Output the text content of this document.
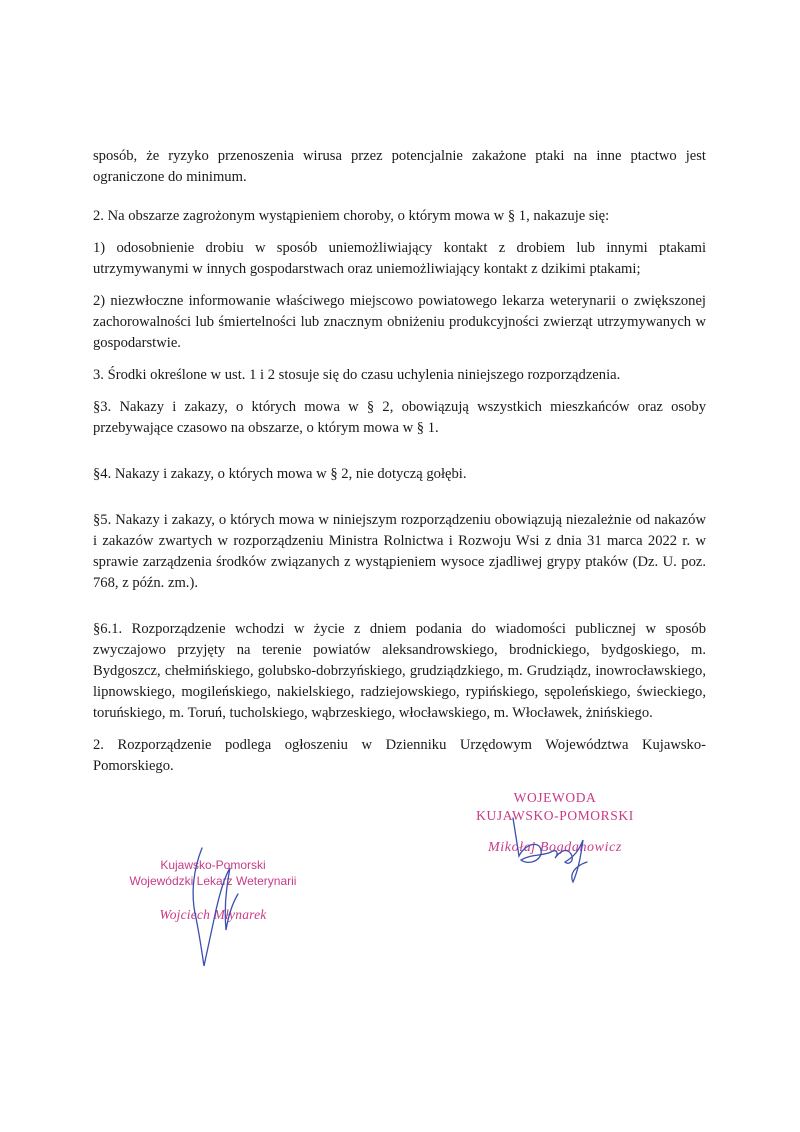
sposób, że ryzyko przenoszenia wirusa przez potencjalnie zakażone ptaki na inne ptactwo jest ograniczone do minimum.

2. Na obszarze zagrożonym wystąpieniem choroby, o którym mowa w § 1, nakazuje się:

1) odosobnienie drobiu w sposób uniemożliwiający kontakt z drobiem lub innymi ptakami utrzymywanymi w innych gospodarstwach oraz uniemożliwiający kontakt z dzikimi ptakami;

2) niezwłoczne informowanie właściwego miejscowo powiatowego lekarza weterynarii o zwiększonej zachorowalności lub śmiertelności lub znacznym obniżeniu produkcyjności zwierząt utrzymywanych w gospodarstwie.

3. Środki określone w ust. 1 i 2 stosuje się do czasu uchylenia niniejszego rozporządzenia.

§3. Nakazy i zakazy, o których mowa w § 2, obowiązują wszystkich mieszkańców oraz osoby przebywające czasowo na obszarze, o którym mowa w § 1.

§4. Nakazy i zakazy, o których mowa w § 2, nie dotyczą gołębi.

§5. Nakazy i zakazy, o których mowa w niniejszym rozporządzeniu obowiązują niezależnie od nakazów i zakazów zwartych w rozporządzeniu Ministra Rolnictwa i Rozwoju Wsi z dnia 31 marca 2022 r. w sprawie zarządzenia środków związanych z wystąpieniem wysoce zjadliwej grypy ptaków (Dz. U. poz. 768, z późn. zm.).

§6.1. Rozporządzenie wchodzi w życie z dniem podania do wiadomości publicznej w sposób zwyczajowo przyjęty na terenie powiatów aleksandrowskiego, brodnickiego, bydgoskiego, m. Bydgoszcz, chełmińskiego, golubsko-dobrzyńskiego, grudziądzkiego, m. Grudziądz, inowrocławskiego, lipnowskiego, mogileńskiego, nakielskiego, radziejowskiego, rypińskiego, sępoleńskiego, świeckiego, toruńskiego, m. Toruń, tucholskiego, wąbrzeskiego, włocławskiego, m. Włocławek, żnińskiego.

2. Rozporządzenie podlega ogłoszeniu w Dzienniku Urzędowym Województwa Kujawsko-Pomorskiego.

Kujawsko-Pomorski
Wojewódzki Lekarz Weterynarii
Wojciech Młynarek
WOJEWODA
KUJAWSKO-POMORSKI
Mikołaj Bogdanowicz
